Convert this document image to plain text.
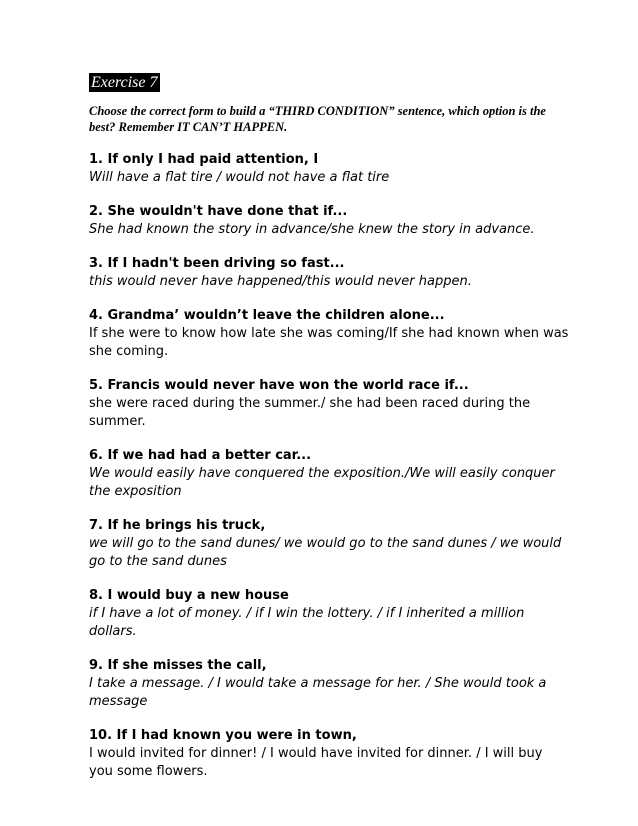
Exercise 7
Choose the correct form to build a “THIRD CONDITION” sentence, which option is the best? Remember IT CAN’T HAPPEN.
1. If only I had paid attention, I
Will have a flat tire / would not have a flat tire
2. She wouldn't have done that if...
She had known the story in advance/she knew the story in advance.
3. If I hadn't been driving so fast...
this would never have happened/this would never happen.
4. Grandma’ wouldn’t leave the children alone...
If she were to know how late she was coming/If she had known when was she coming.
5. Francis would never have won the world race if...
she were raced during the summer./ she had been raced during the summer.
6. If we had had a better car...
We would easily have conquered the exposition./We will easily conquer the exposition
7. If he brings his truck,
we will go to the sand dunes/ we would go to the sand dunes / we would go to the sand dunes
8. I would buy a new house
if I have a lot of money. / if I win the lottery. / if I inherited a million dollars.
9. If she misses the call,
I take a message. / I would take a message for her. / She would took a message
10. If I had known you were in town,
I would invited for dinner! / I would have invited for dinner. / I will buy you some flowers.
